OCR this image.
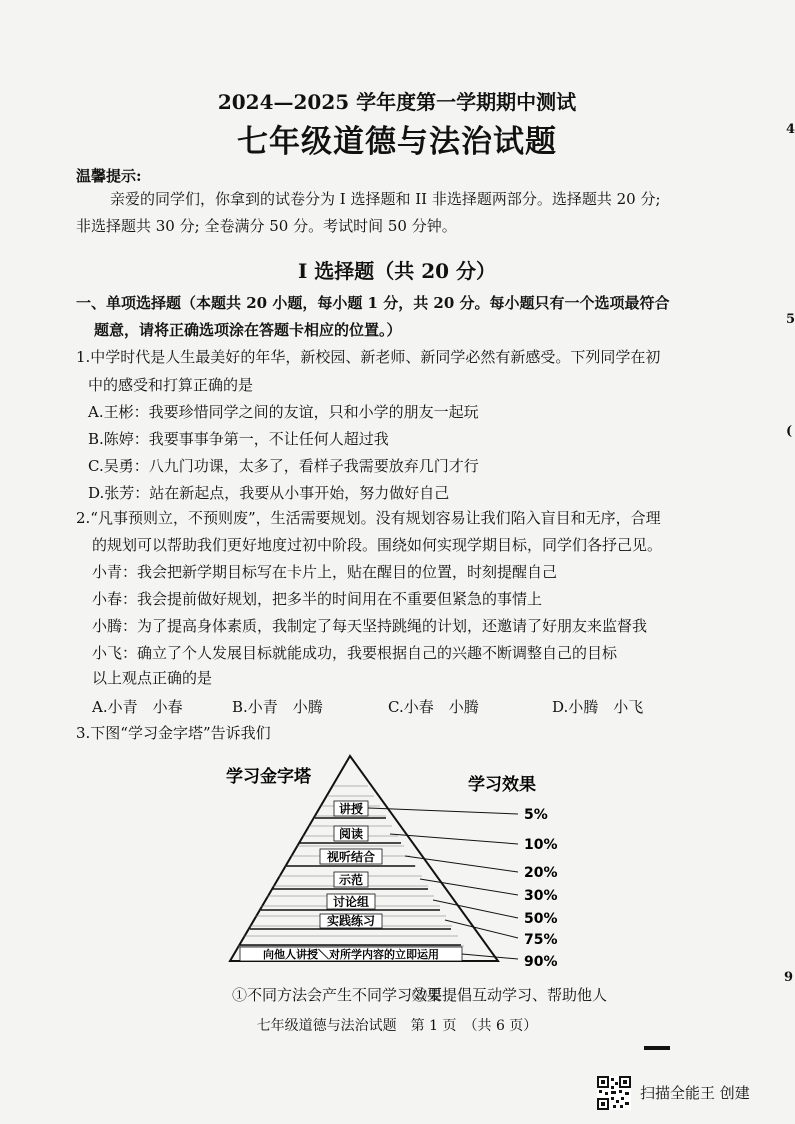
2024—2025 学年度第一学期期中测试
七年级道德与法治试题
温馨提示:
亲爱的同学们，你拿到的试卷分为 I 选择题和 II 非选择题两部分。选择题共 20 分;
非选择题共 30 分; 全卷满分 50 分。考试时间 50 分钟。
I 选择题（共 20 分）
一、单项选择题（本题共 20 小题，每小题 1 分，共 20 分。每小题只有一个选项最符合
题意，请将正确选项涂在答题卡相应的位置。）
1.中学时代是人生最美好的年华，新校园、新老师、新同学必然有新感受。下列同学在初
中的感受和打算正确的是
A.王彬：我要珍惜同学之间的友谊，只和小学的朋友一起玩
B.陈婷：我要事事争第一，不让任何人超过我
C.吴勇：八九门功课，太多了，看样子我需要放弃几门才行
D.张芳：站在新起点，我要从小事开始，努力做好自己
2.“凡事预则立，不预则废”，生活需要规划。没有规划容易让我们陷入盲目和无序，合理
的规划可以帮助我们更好地度过初中阶段。围绕如何实现学期目标，同学们各抒己见。
小青：我会把新学期目标写在卡片上，贴在醒目的位置，时刻提醒自己
小春：我会提前做好规划，把多半的时间用在不重要但紧急的事情上
小腾：为了提高身体素质，我制定了每天坚持跳绳的计划，还邀请了好朋友来监督我
小飞：确立了个人发展目标就能成功，我要根据自己的兴趣不断调整自己的目标
以上观点正确的是
A.小青　小春	B.小青　小腾	C.小春　小腾	D.小腾　小飞
3.下图“学习金字塔”告诉我们
学习金字塔	学习效果
讲授
阅读
视听结合
示范
讨论组
实践练习
向他人讲授＼对所学内容的立即运用
5%
10%
20%
30%
50%
75%
90%
①不同方法会产生不同学习效果
②要提倡互动学习、帮助他人
七年级道德与法治试题　第 1 页　（共 6 页）
4
5
(
9
扫描全能王 创建
